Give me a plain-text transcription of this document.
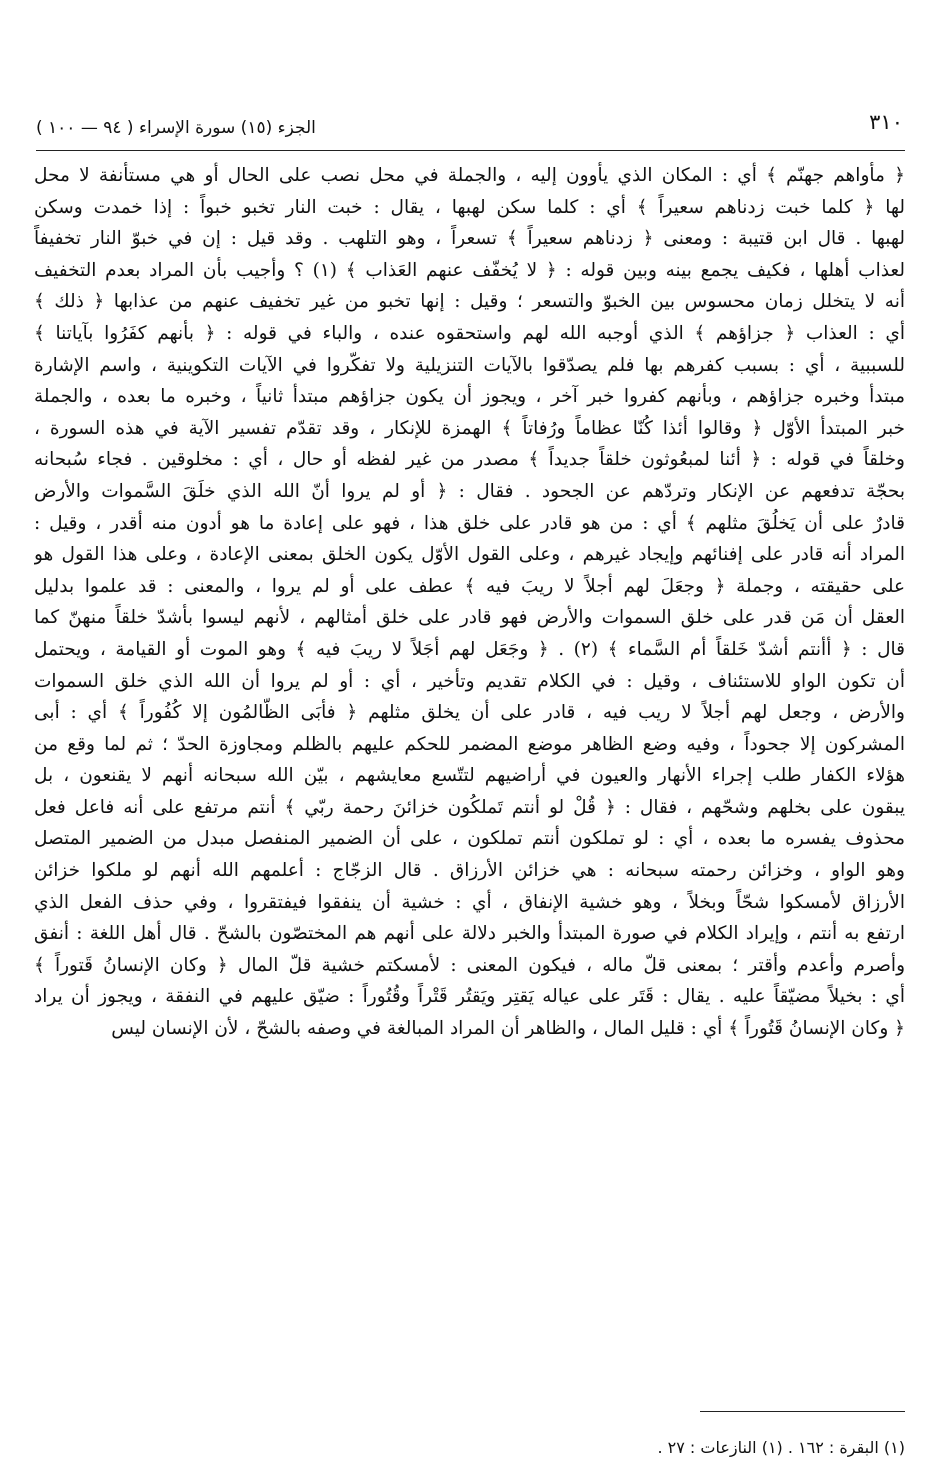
٣١٠
الجزء (١٥) سورة الإسراء ( ٩٤ — ١٠٠ )
﴿ مأواهم جهنّم ﴾ أي : المكان الذي يأوون إليه ، والجملة في محل نصب على الحال أو هي مستأنفة لا محل
لها ﴿ كلما خبت زدناهم سعيراً ﴾ أي : كلما سكن لهبها ، يقال : خبت النار تخبو خبواً : إذا خمدت وسكن
لهبها . قال ابن قتيبة : ومعنى ﴿ زدناهم سعيراً ﴾ تسعراً ، وهو التلهب . وقد قيل : إن في خبوّ النار تخفيفاً
لعذاب أهلها ، فكيف يجمع بينه وبين قوله : ﴿ لا يُخفّف عنهم العَذاب ﴾ (١) ؟ وأجيب بأن المراد بعدم التخفيف
أنه لا يتخلل زمان محسوس بين الخبوّ والتسعر ؛ وقيل : إنها تخبو من غير تخفيف عنهم من عذابها ﴿ ذلك ﴾
أي : العذاب ﴿ جزاؤهم ﴾ الذي أوجبه الله لهم واستحقوه عنده ، والباء في قوله : ﴿ بأنهم كفَرُوا بآياتنا ﴾
للسببية ، أي : بسبب كفرهم بها فلم يصدّقوا بالآيات التنزيلية ولا تفكّروا في الآيات التكوينية ، واسم الإشارة
مبتدأ وخبره جزاؤهم ، وبأنهم كفروا خبر آخر ، ويجوز أن يكون جزاؤهم مبتدأ ثانياً ، وخبره ما بعده ، والجملة
خبر المبتدأ الأوّل ﴿ وقالوا أئذا كُنّا عظاماً ورُفاتاً ﴾ الهمزة للإنكار ، وقد تقدّم تفسير الآية في هذه السورة ،
وخلقاً في قوله : ﴿ أئنا لمبعُوثون خلقاً جديداً ﴾ مصدر من غير لفظه أو حال ، أي : مخلوقين . فجاء سُبحانه
بحجّة تدفعهم عن الإنكار وتردّهم عن الجحود . فقال : ﴿ أو لم يروا أنّ الله الذي خلَقَ السَّموات والأرض
قادرٌ على أن يَخلُقَ مثلهم ﴾ أي : من هو قادر على خلق هذا ، فهو على إعادة ما هو أدون منه أقدر ، وقيل :
المراد أنه قادر على إفنائهم وإيجاد غيرهم ، وعلى القول الأوّل يكون الخلق بمعنى الإعادة ، وعلى هذا القول هو
على حقيقته ، وجملة ﴿ وجعَلَ لهم أجلاً لا ريبَ فيه ﴾ عطف على أو لم يروا ، والمعنى : قد علموا بدليل
العقل أن مَن قدر على خلق السموات والأرض فهو قادر على خلق أمثالهم ، لأنهم ليسوا بأشدّ خلقاً منهنّ كما
قال : ﴿ أأنتم أشدّ خَلقاً أم السَّماء ﴾ (٢) . ﴿ وجَعَل لهم أجَلاً لا ريبَ فيه ﴾ وهو الموت أو القيامة ، ويحتمل
أن تكون الواو للاستئناف ، وقيل : في الكلام تقديم وتأخير ، أي : أو لم يروا أن الله الذي خلق السموات
والأرض ، وجعل لهم أجلاً لا ريب فيه ، قادر على أن يخلق مثلهم ﴿ فأبَى الظّالمُون إلا كُفُوراً ﴾ أي : أبى
المشركون إلا جحوداً ، وفيه وضع الظاهر موضع المضمر للحكم عليهم بالظلم ومجاوزة الحدّ ؛ ثم لما وقع من
هؤلاء الكفار طلب إجراء الأنهار والعيون في أراضيهم لتتّسع معايشهم ، بيّن الله سبحانه أنهم لا يقنعون ، بل
يبقون على بخلهم وشحّهم ، فقال : ﴿ قُلْ لو أنتم تَملكُون خزائنَ رحمة ربّي ﴾ أنتم مرتفع على أنه فاعل فعل
محذوف يفسره ما بعده ، أي : لو تملكون أنتم تملكون ، على أن الضمير المنفصل مبدل من الضمير المتصل
وهو الواو ، وخزائن رحمته سبحانه : هي خزائن الأرزاق . قال الزجّاج : أعلمهم الله أنهم لو ملكوا خزائن
الأرزاق لأمسكوا شحّاً وبخلاً ، وهو خشية الإنفاق ، أي : خشية أن ينفقوا فيفتقروا ، وفي حذف الفعل الذي
ارتفع به أنتم ، وإيراد الكلام في صورة المبتدأ والخبر دلالة على أنهم هم المختصّون بالشحّ . قال أهل اللغة : أنفق
وأصرم وأعدم وأقتر ؛ بمعنى قلّ ماله ، فيكون المعنى : لأمسكتم خشية قلّ المال ﴿ وكان الإنسانُ قَتوراً ﴾
أي : بخيلاً مضيّقاً عليه . يقال : قَتَر على عياله يَقتِر ويَقتُر قَتْراً وقُتُوراً : ضيّق عليهم في النفقة ، ويجوز أن يراد
﴿ وكان الإنسانُ قَتُوراً ﴾ أي : قليل المال ، والظاهر أن المراد المبالغة في وصفه بالشحّ ، لأن الإنسان ليس
(١) البقرة : ١٦٢ . (١) النازعات : ٢٧ .
